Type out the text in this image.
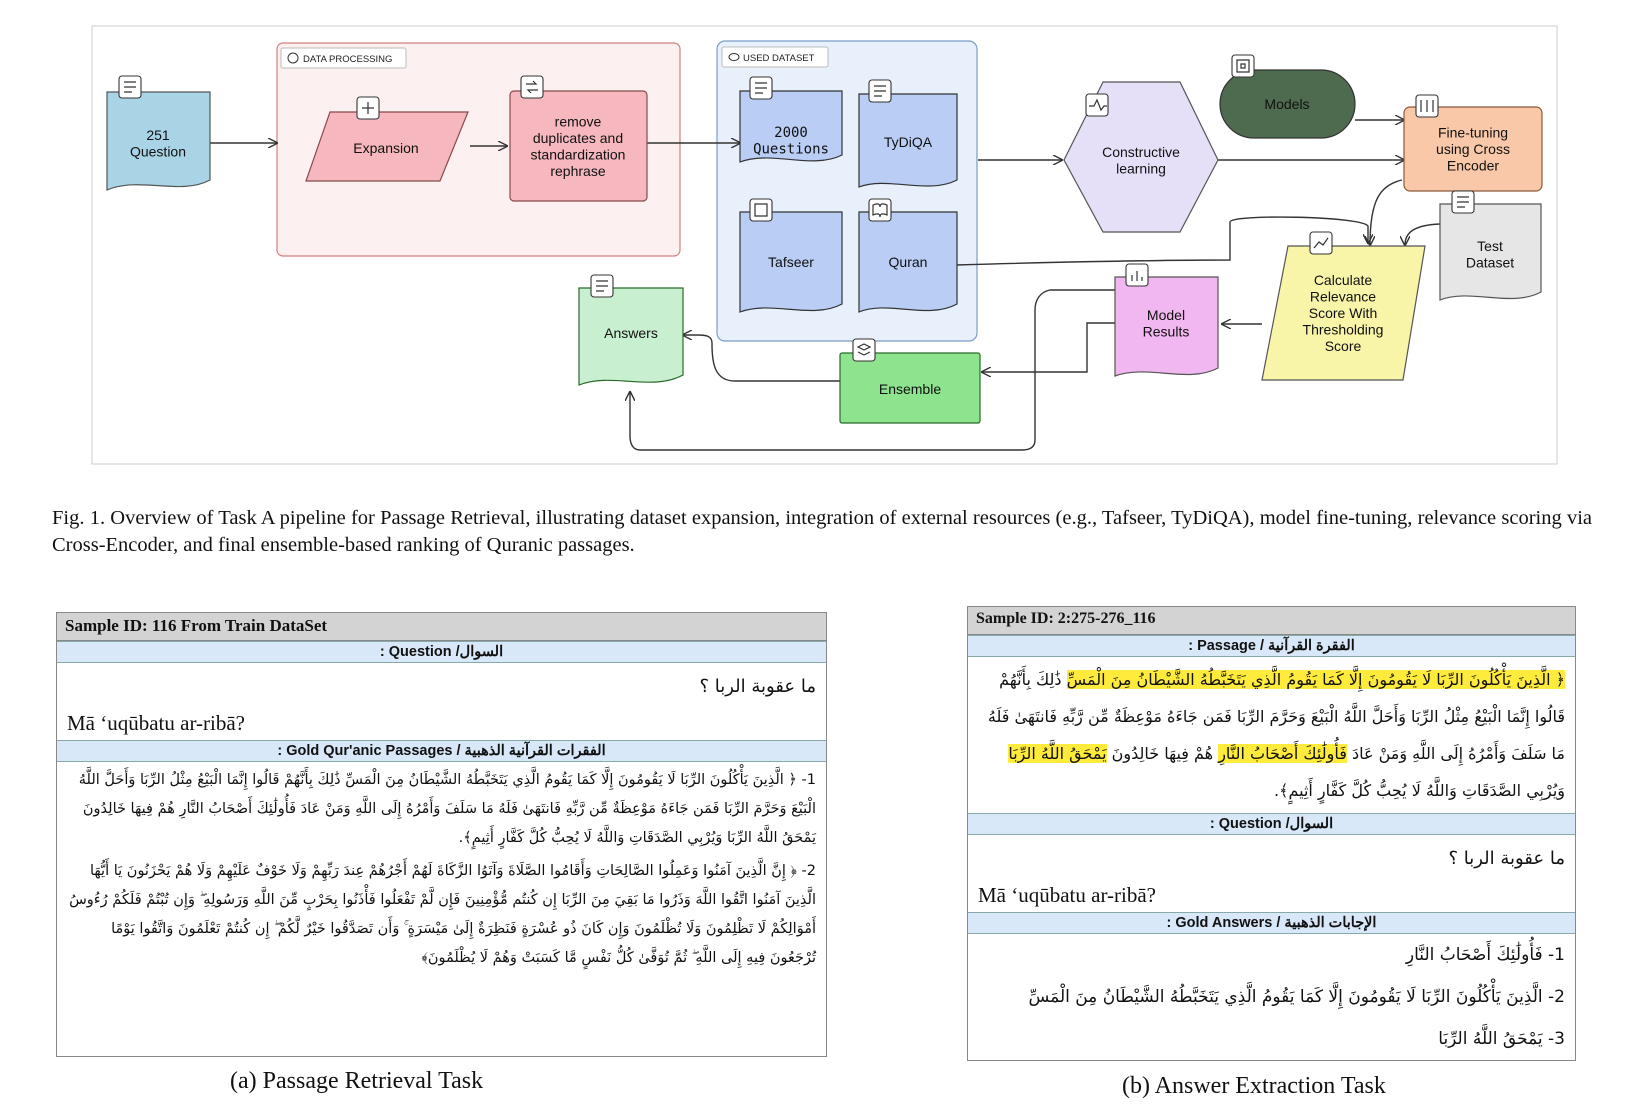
DATA PROCESSING	USED DATASET
251
Question	Expansion
remove
duplicates and
standardization
rephrase
2000
Questions	TyDiQA
Tafseer	Quran
Constructive
learning
Models
Fine-tuning
using Cross
Encoder
Test
Dataset
Calculate
Relevance
Score With
Thresholding
Score
Model
Results
Ensemble
Answers
Fig. 1. Overview of Task A pipeline for Passage Retrieval, illustrating dataset expansion, integration of external resources (e.g., Tafseer, TyDiQA), model fine-tuning, relevance scoring via Cross-Encoder, and final ensemble-based ranking of Quranic passages.
Sample ID: 116 From Train DataSet
: Question /السوال
ما عقوبة الربا ؟
Mā ‘uqūbatu ar-ribā?
: Gold Qur'anic Passages / الفقرات القرآنية الذهبية
1- ﴿ الَّذِينَ يَأْكُلُونَ الرِّبَا لَا يَقُومُونَ إِلَّا كَمَا يَقُومُ الَّذِي يَتَخَبَّطُهُ الشَّيْطَانُ مِنَ الْمَسِّ ذَٰلِكَ بِأَنَّهُمْ قَالُوا إِنَّمَا الْبَيْعُ مِثْلُ الرِّبَا وَأَحَلَّ اللَّهُ الْبَيْعَ وَحَرَّمَ الرِّبَا فَمَن جَاءَهُ مَوْعِظَةٌ مِّن رَّبِّهِ فَانتَهَىٰ فَلَهُ مَا سَلَفَ وَأَمْرُهُ إِلَى اللَّهِ وَمَنْ عَادَ فَأُولَٰئِكَ أَصْحَابُ النَّارِ هُمْ فِيهَا خَالِدُونَ يَمْحَقُ اللَّهُ الرِّبَا وَيُرْبِي الصَّدَقَاتِ وَاللَّهُ لَا يُحِبُّ كُلَّ كَفَّارٍ أَثِيمٍ﴾.
2- ﴿ إِنَّ الَّذِينَ آمَنُوا وَعَمِلُوا الصَّالِحَاتِ وَأَقَامُوا الصَّلَاةَ وَآتَوُا الزَّكَاةَ لَهُمْ أَجْرُهُمْ عِندَ رَبِّهِمْ وَلَا خَوْفٌ عَلَيْهِمْ وَلَا هُمْ يَحْزَنُونَ يَا أَيُّهَا الَّذِينَ آمَنُوا اتَّقُوا اللَّهَ وَذَرُوا مَا بَقِيَ مِنَ الرِّبَا إِن كُنتُم مُّؤْمِنِينَ فَإِن لَّمْ تَفْعَلُوا فَأْذَنُوا بِحَرْبٍ مِّنَ اللَّهِ وَرَسُولِهِ ۖ وَإِن تُبْتُمْ فَلَكُمْ رُءُوسُ أَمْوَالِكُمْ لَا تَظْلِمُونَ وَلَا تُظْلَمُونَ وَإِن كَانَ ذُو عُسْرَةٍ فَنَظِرَةٌ إِلَىٰ مَيْسَرَةٍ ۚ وَأَن تَصَدَّقُوا خَيْرٌ لَّكُمْ ۖ إِن كُنتُمْ تَعْلَمُونَ وَاتَّقُوا يَوْمًا تُرْجَعُونَ فِيهِ إِلَى اللَّهِ ۖ ثُمَّ تُوَفَّىٰ كُلُّ نَفْسٍ مَّا كَسَبَتْ وَهُمْ لَا يُظْلَمُونَ﴾
(a) Passage Retrieval Task
Sample ID: 2:275-276_116
: Passage / الفقرة القرآنية
﴿ الَّذِينَ يَأْكُلُونَ الرِّبَا لَا يَقُومُونَ إِلَّا كَمَا يَقُومُ الَّذِي يَتَخَبَّطُهُ الشَّيْطَانُ مِنَ الْمَسِّ ذَٰلِكَ بِأَنَّهُمْ قَالُوا إِنَّمَا الْبَيْعُ مِثْلُ الرِّبَا وَأَحَلَّ اللَّهُ الْبَيْعَ وَحَرَّمَ الرِّبَا فَمَن جَاءَهُ مَوْعِظَةٌ مِّن رَّبِّهِ فَانتَهَىٰ فَلَهُ مَا سَلَفَ وَأَمْرُهُ إِلَى اللَّهِ وَمَنْ عَادَ فَأُولَٰئِكَ أَصْحَابُ النَّارِ هُمْ فِيهَا خَالِدُونَ يَمْحَقُ اللَّهُ الرِّبَا وَيُرْبِي الصَّدَقَاتِ وَاللَّهُ لَا يُحِبُّ كُلَّ كَفَّارٍ أَثِيمٍ﴾.
: Question /السوال
ما عقوبة الربا ؟
Mā ‘uqūbatu ar-ribā?
: Gold Answers / الإجابات الذهبية
1- فَأُولَٰئِكَ أَصْحَابُ النَّارِ
2- الَّذِينَ يَأْكُلُونَ الرِّبَا لَا يَقُومُونَ إِلَّا كَمَا يَقُومُ الَّذِي يَتَخَبَّطُهُ الشَّيْطَانُ مِنَ الْمَسِّ
3- يَمْحَقُ اللَّهُ الرِّبَا
(b) Answer Extraction Task
